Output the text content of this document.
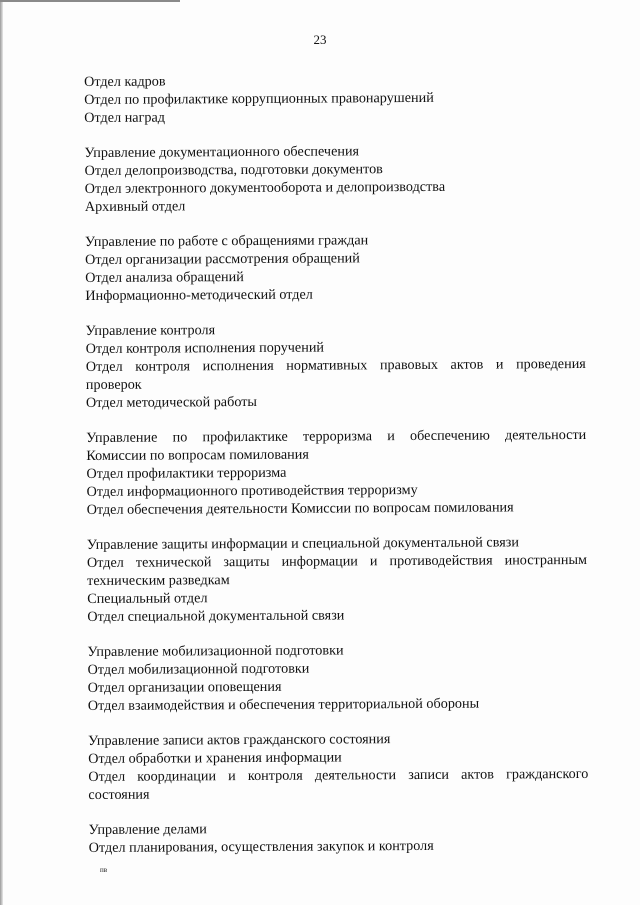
23
Отдел кадров
Отдел по профилактике коррупционных правонарушений
Отдел наград
Управление документационного обеспечения
Отдел делопроизводства, подготовки документов
Отдел электронного документооборота и делопроизводства
Архивный отдел
Управление по работе с обращениями граждан
Отдел организации рассмотрения обращений
Отдел анализа обращений
Информационно-методический отдел
Управление контроля
Отдел контроля исполнения поручений
Отдел контроля исполнения нормативных правовых актов и проведения
проверок
Отдел методической работы
Управление по профилактике терроризма и обеспечению деятельности
Комиссии по вопросам помилования
Отдел профилактики терроризма
Отдел информационного противодействия терроризму
Отдел обеспечения деятельности Комиссии по вопросам помилования
Управление защиты информации и специальной документальной связи
Отдел технической защиты информации и противодействия иностранным
техническим разведкам
Специальный отдел
Отдел специальной документальной связи
Управление мобилизационной подготовки
Отдел мобилизационной подготовки
Отдел организации оповещения
Отдел взаимодействия и обеспечения территориальной обороны
Управление записи актов гражданского состояния
Отдел обработки и хранения информации
Отдел координации и контроля деятельности записи актов гражданского
состояния
Управление делами
Отдел планирования, осуществления закупок и контроля
пв
